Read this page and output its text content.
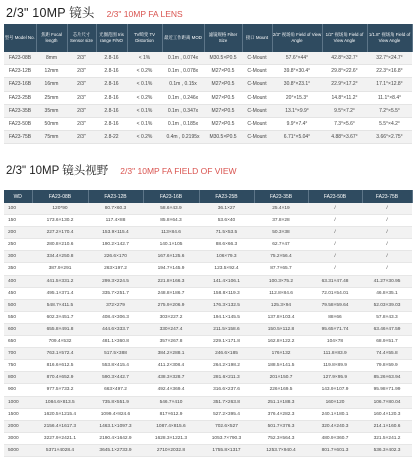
2/3" 10MP 镜头 2/3" 10MP FA LENS
型号 Model No.	焦距 Focal length	芯片尺寸 Sensor size	光圈范围 Iris range F/NO	TV畸变 TV Distortion	最近工作距离 MOD	滤镜规格 Filter Size	接口 Mount	2/3" 视场角 Field of View Angle	1/2" 视场角 Field of View Angle	1/1.8" 视场角 Field of View Angle
FA23-08B	8mm	2/3"	2.8-16	< 1%	0.1m , 0.074x	M30.5×P0.5	C-Mount	57.6°×44°	42.8°×32.7°	32.7°×24.7°
FA23-12B	12mm	2/3"	2.8-16	< 0.2%	0.1m , 0.078x	M27×P0.5	C-Mount	39.8°×30.4°	29.8°×22.6°	22.3°×16.8°
FA23-16B	16mm	2/3"	2.8-16	< 0.1%	0.1m , 0.15x	M27×P0.5	C-Mount	30.8°×23.1°	22.9°×17.2°	17.1°×12.8°
FA23-25B	25mm	2/3"	2.8-16	< 0.2%	0.1m , 0.246x	M27×P0.5	C-Mount	20°×15.3°	14.8°×11.2°	11.1°×8.4°
FA23-35B	35mm	2/3"	2.8-16	< 0.1%	0.1m , 0.347x	M27×P0.5	C-Mount	13.1°×9.9°	9.5°×7.2°	7.2°×5.5°
FA23-50B	50mm	2/3"	2.8-16	< 0.1%	0.1m , 0.185x	M27×P0.5	C-Mount	9.9°×7.4°	7.3°×5.6°	5.5°×4.2°
FA23-75B	75mm	2/3"	2.8-22	< 0.2%	0.4m , 0.2195x	M30.5×P0.5	C-Mount	6.71°×5.04°	4.88°×3.67°	3.66°×2.75°
2/3" 10MP 镜头视野 2/3" 10MP FA FIELD OF VIEW
WD	FA23-08B	FA23-12B	FA23-16B	FA23-25B	FA23-35B	FA23-50B	FA23-75B
100	120*90	80.7×60.3	58.6×43.9	36.1×27	25.4×19	/	/
150	173.6×130.2	117.4×88	85.8×64.3	53.6×40	37.8×28	/	/
200	227.2×170.4	153.9×115.4	113×84.6	71.5×53.5	50.3×38	/	/
250	280.8×210.6	190.2×142.7	140.1×105	88.6×66.3	62.7×47	/	/
300	334.4×250.8	226.6×170	167.6×125.6	106×79.3	75.2×56.4	/	/
350	387.9×291	263×197.2	194.7×145.9	123.5×92.4	87.7×65.7	/	/
400	441.5×331.2	299.3×224.5	221.8×166.3	141.4×106.1	100.3×75.2	63.31×47.48	41.27×30.95
450	495.1×371.4	335.7×251.7	248.8×186.7	158.8×119.3	112.8×84.6	72.01×54.01	46.8×35.1
500	548.7×411.5	372×279	275.9×206.9	176.3×132.5	125.3×94	79.58×59.64	52.03×39.03
550	602.3×451.7	408.4×306.3	303×227.2	194.1×145.5	137.8×103.4	88×66	57.8×43.3
600	655.8×491.8	444.6×333.7	330×247.4	211.5×158.6	150.5×112.8	95.65×71.74	63.46×47.59
650	709.4×532	481.1×360.8	357×267.8	229.1×171.8	162.8×122.2	104×78	68.9×51.7
700	763.1×572.4	517.5×388	384.2×288.1	246.6×185	176×132	111.8×83.9	74.4×55.8
750	816.6×612.5	553.8×415.4	411.2×308.4	264.2×198.2	188.5×141.5	119.8×89.9	79.8×59.9
800	870.4×652.9	590.3×442.7	438.3×328.7	281.6×211.3	201×150.7	127.9×95.9	85.26×63.94
900	977.5×733.2	663×497.2	492.4×369.4	316.6×237.6	226×169.5	143.9×107.9	95.98×71.99
1000	1084.6×813.5	735.8×551.9	546.7×410	351.7×263.8	251.1×188.3	160×120	106.7×80.04
1500	1620.5×1215.4	1099.4×824.6	817×612.9	527.2×395.4	376.4×282.3	240.1×180.1	160.4×120.3
2000	2156.4×1617.3	1463.1×1097.3	1087.4×815.6	702.6×527	501.7×376.3	320.4×240.3	214.1×160.6
3000	3227.9×2421.1	2190.4×1642.9	1628.3×1221.3	1053.7×790.3	752.3×564.3	480.9×360.7	321.5×241.2
5000	5371×4028.4	3645.1×2733.9	2710×2032.8	1755.8×1317	1253.7×940.4	801.7×601.3	536.3×402.3
